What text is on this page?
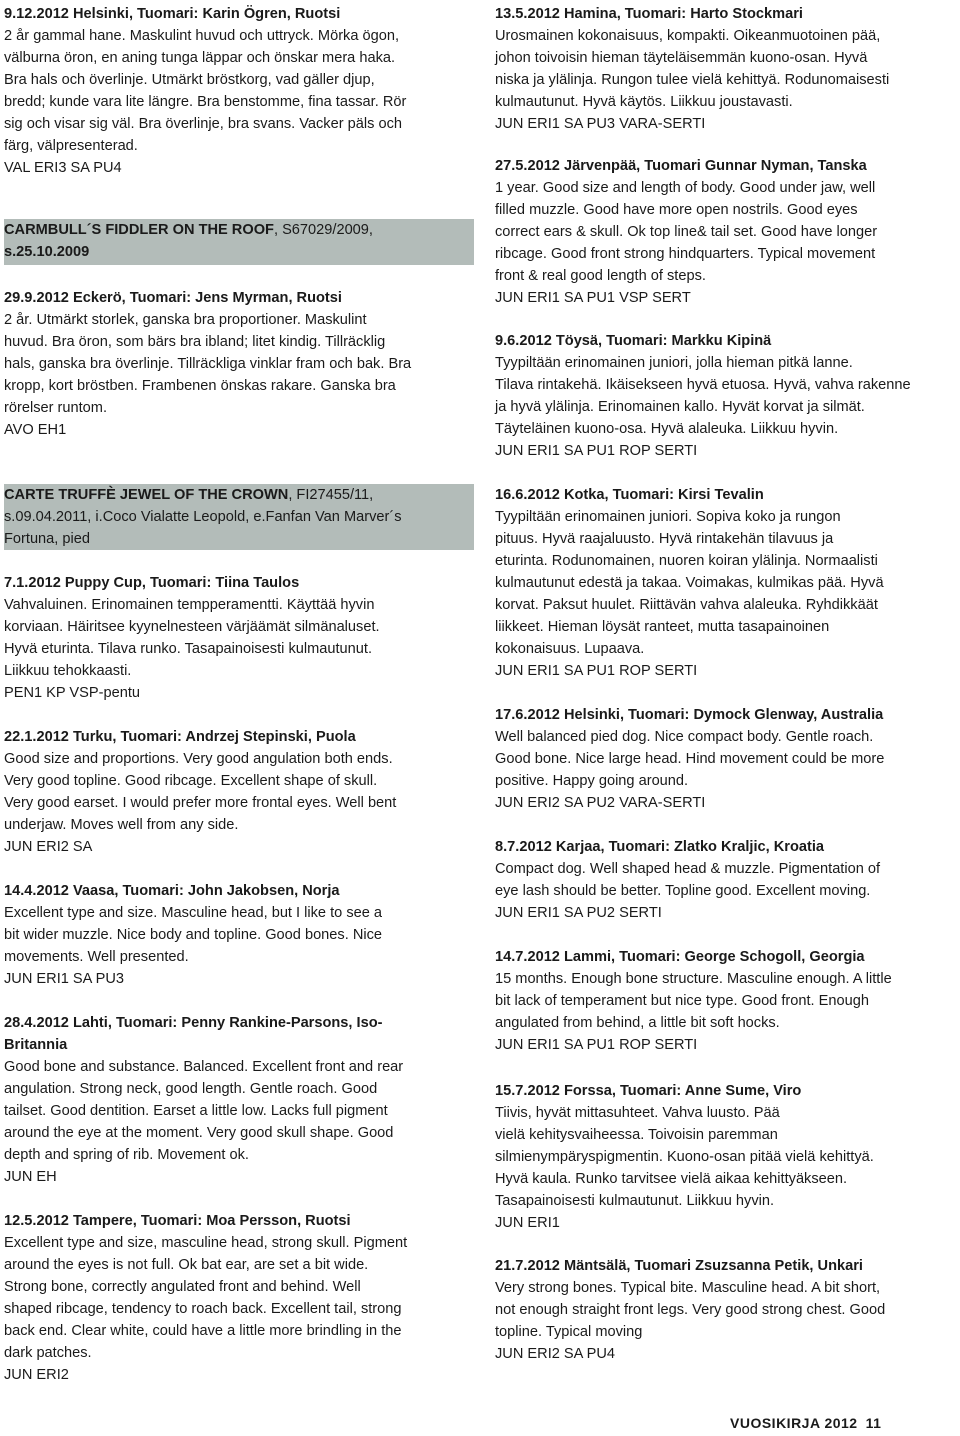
9.12.2012 Helsinki, Tuomari: Karin Ögren, Ruotsi
2 år gammal hane. Maskulint huvud och uttryck. Mörka ögon,
välburna öron, en aning tunga läppar och önskar mera haka.
Bra hals och överlinje. Utmärkt bröstkorg, vad gäller djup,
bredd; kunde vara lite längre. Bra benstomme, fina tassar. Rör
sig och visar sig väl. Bra överlinje, bra svans. Vacker päls och
färg, välpresenterad.
VAL ERI3 SA PU4
CARMBULL´S FIDDLER ON THE ROOF, S67029/2009,
s.25.10.2009
29.9.2012 Eckerö, Tuomari: Jens Myrman, Ruotsi
2 år. Utmärkt storlek, ganska bra proportioner. Maskulint
huvud. Bra öron, som bärs bra ibland; litet kindig. Tillräcklig
hals, ganska bra överlinje. Tillräckliga vinklar fram och bak. Bra
kropp, kort bröstben. Frambenen önskas rakare. Ganska bra
rörelser runtom.
AVO EH1
CARTE TRUFFÈ JEWEL OF THE CROWN, FI27455/11,
s.09.04.2011, i.Coco Vialatte Leopold, e.Fanfan Van Marver´s
Fortuna, pied
7.1.2012 Puppy Cup, Tuomari: Tiina Taulos
Vahvaluinen. Erinomainen tempperamentti. Käyttää hyvin
korviaan. Häiritsee kyynelnesteen värjäämät silmänaluset.
Hyvä eturinta. Tilava runko. Tasapainoisesti kulmautunut.
Liikkuu tehokkaasti.
PEN1 KP VSP-pentu
22.1.2012 Turku, Tuomari: Andrzej Stepinski, Puola
Good size and proportions. Very good angulation both ends.
Very good topline. Good ribcage. Excellent shape of skull.
Very good earset. I would prefer more frontal eyes. Well bent
underjaw. Moves well from any side.
JUN ERI2 SA
14.4.2012 Vaasa, Tuomari: John Jakobsen, Norja
Excellent type and size. Masculine head, but I like to see a
bit wider muzzle. Nice body and topline. Good bones. Nice
movements. Well presented.
JUN ERI1 SA PU3
28.4.2012 Lahti, Tuomari: Penny Rankine-Parsons, Iso-
Britannia
Good bone and substance. Balanced. Excellent front and rear
angulation. Strong neck, good length. Gentle roach. Good
tailset. Good dentition. Earset a little low. Lacks full pigment
around the eye at the moment. Very good skull shape. Good
depth and spring of rib. Movement ok.
JUN EH
12.5.2012 Tampere, Tuomari: Moa Persson, Ruotsi
Excellent type and size, masculine head, strong skull. Pigment
around the eyes is not full. Ok bat ear, are set a bit wide.
Strong bone, correctly angulated front and behind. Well
shaped ribcage, tendency to roach back. Excellent tail, strong
back end. Clear white, could have a little more brindling in the
dark patches.
JUN ERI2
13.5.2012 Hamina, Tuomari: Harto Stockmari
Urosmainen kokonaisuus, kompakti. Oikeanmuotoinen pää,
johon toivoisin hieman täyteläisemmän kuono-osan. Hyvä
niska ja ylälinja. Rungon tulee vielä kehittyä. Rodunomaisesti
kulmautunut. Hyvä käytös. Liikkuu joustavasti.
JUN ERI1 SA PU3 VARA-SERTI
27.5.2012 Järvenpää, Tuomari Gunnar Nyman, Tanska
1 year. Good size and length of body. Good under jaw, well
filled muzzle. Good have more open nostrils. Good eyes
correct ears & skull. Ok top line& tail set. Good have longer
ribcage. Good front strong hindquarters. Typical movement
front & real good length of steps.
JUN ERI1 SA PU1 VSP SERT
9.6.2012 Töysä, Tuomari: Markku Kipinä
Tyypiltään erinomainen juniori, jolla hieman pitkä lanne.
Tilava rintakehä. Ikäisekseen hyvä etuosa. Hyvä, vahva rakenne
ja hyvä ylälinja. Erinomainen kallo. Hyvät korvat ja silmät.
Täyteläinen kuono-osa. Hyvä alaleuka. Liikkuu hyvin.
JUN ERI1 SA PU1 ROP SERTI
16.6.2012 Kotka, Tuomari: Kirsi Tevalin
Tyypiltään erinomainen juniori. Sopiva koko ja rungon
pituus. Hyvä raajaluusto. Hyvä rintakehän tilavuus ja
eturinta. Rodunomainen, nuoren koiran ylälinja. Normaalisti
kulmautunut edestä ja takaa. Voimakas, kulmikas pää. Hyvä
korvat. Paksut huulet. Riittävän vahva alaleuka. Ryhdikkäät
liikkeet. Hieman löysät ranteet, mutta tasapainoinen
kokonaisuus. Lupaava.
JUN ERI1 SA PU1 ROP SERTI
17.6.2012 Helsinki, Tuomari: Dymock Glenway, Australia
Well balanced pied dog. Nice compact body. Gentle roach.
Good bone. Nice large head. Hind movement could be more
positive. Happy going around.
JUN ERI2 SA PU2 VARA-SERTI
8.7.2012 Karjaa, Tuomari: Zlatko Kraljic, Kroatia
Compact dog. Well shaped head & muzzle. Pigmentation of
eye lash should be better. Topline good. Excellent moving.
JUN ERI1 SA PU2 SERTI
14.7.2012 Lammi, Tuomari: George Schogoll, Georgia
15 months. Enough bone structure. Masculine enough. A little
bit lack of temperament but nice type. Good front. Enough
angulated from behind, a little bit soft hocks.
JUN ERI1 SA PU1 ROP SERTI
15.7.2012 Forssa, Tuomari: Anne Sume, Viro
Tiivis, hyvät mittasuhteet. Vahva luusto. Pää
vielä kehitysvaiheessa. Toivoisin paremman
silmienympäryspigmentin. Kuono-osan pitää vielä kehittyä.
Hyvä kaula. Runko tarvitsee vielä aikaa kehittyäkseen.
Tasapainoisesti kulmautunut. Liikkuu hyvin.
JUN ERI1
21.7.2012 Mäntsälä, Tuomari Zsuzsanna Petik, Unkari
Very strong bones. Typical bite. Masculine head. A bit short,
not enough straight front legs. Very good strong chest. Good
topline. Typical moving
JUN ERI2 SA PU4
VUOSIKIRJA 2012 11
